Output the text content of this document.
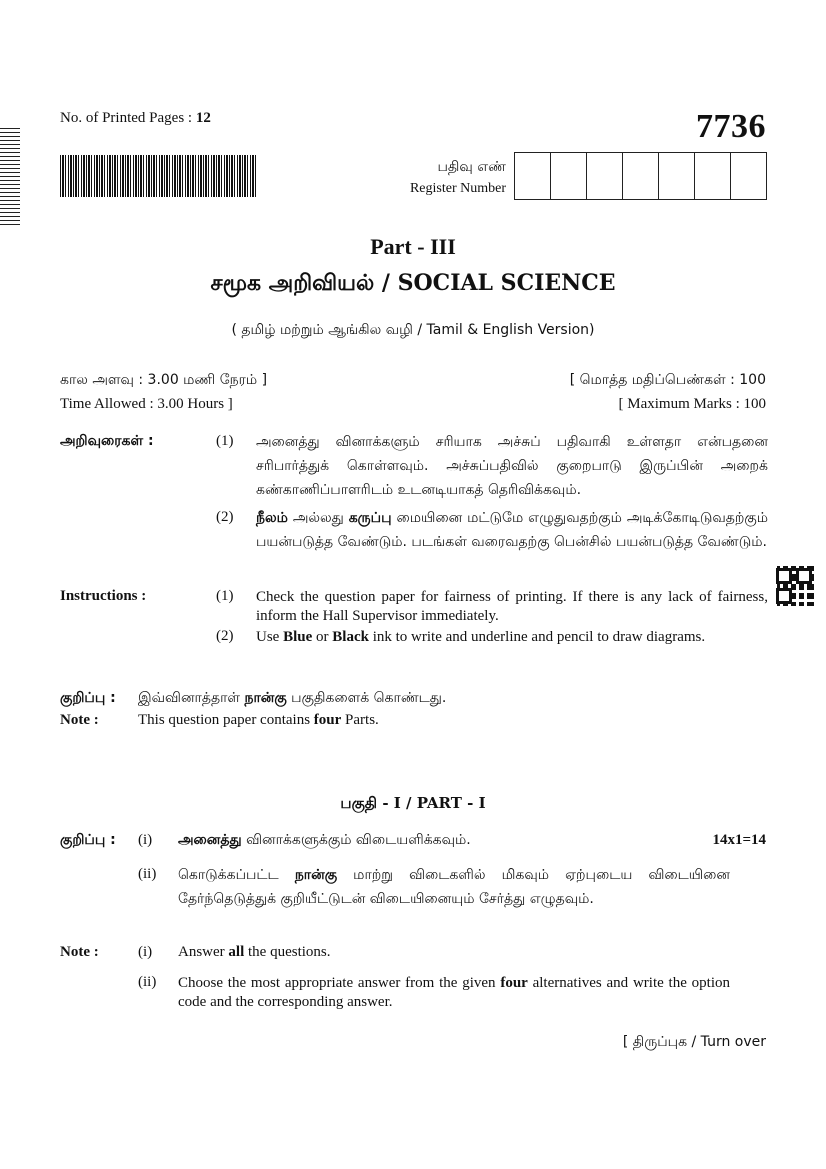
No. of Printed Pages : 12	7736
பதிவு எண்
Register Number
Part - III
சமூக அறிவியல் / SOCIAL SCIENCE
( தமிழ் மற்றும் ஆங்கில வழி / Tamil & English Version)
கால அளவு : 3.00 மணி நேரம் ]
Time Allowed : 3.00 Hours ]
[ மொத்த மதிப்பெண்கள் : 100
[ Maximum Marks : 100
அறிவுரைகள் :	(1) அனைத்து வினாக்களும் சரியாக அச்சுப் பதிவாகி உள்ளதா என்பதனை சரிபார்த்துக் கொள்ளவும். அச்சுப்பதிவில் குறைபாடு இருப்பின் அறைக் கண்காணிப்பாளரிடம் உடனடியாகத் தெரிவிக்கவும்.
(2) நீலம் அல்லது கருப்பு மையினை மட்டுமே எழுதுவதற்கும் அடிக்கோடிடுவதற்கும் பயன்படுத்த வேண்டும். படங்கள் வரைவதற்கு பென்சில் பயன்படுத்த வேண்டும்.
Instructions :	(1) Check the question paper for fairness of printing. If there is any lack of fairness, inform the Hall Supervisor immediately.
(2) Use Blue or Black ink to write and underline and pencil to draw diagrams.
குறிப்பு : இவ்வினாத்தாள் நான்கு பகுதிகளைக் கொண்டது.
Note :	This question paper contains four Parts.
பகுதி - I / PART - I
குறிப்பு : (i) அனைத்து வினாக்களுக்கும் விடையளிக்கவும்.	14x1=14
(ii) கொடுக்கப்பட்ட நான்கு மாற்று விடைகளில் மிகவும் ஏற்புடைய விடையினை தேர்ந்தெடுத்துக் குறியீட்டுடன் விடையினையும் சேர்த்து எழுதவும்.
Note :	(i) Answer all the questions.
(ii) Choose the most appropriate answer from the given four alternatives and write the option code and the corresponding answer.
[ திருப்புக / Turn over
